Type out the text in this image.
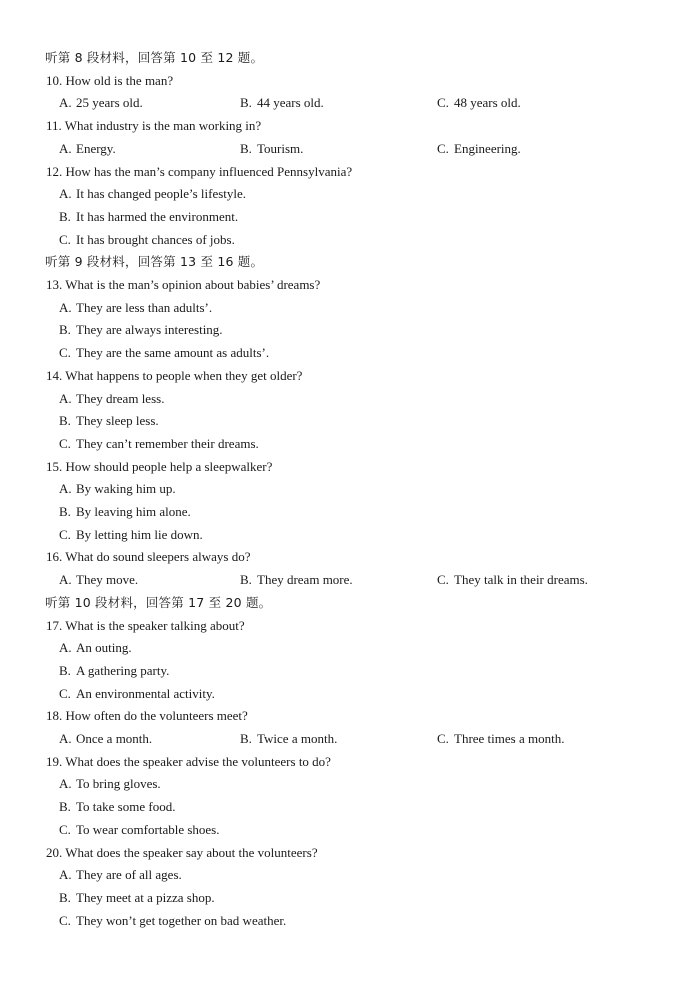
听第 8 段材料，回答第 10 至 12 题。
10. How old is the man?
A. 25 years old.	B. 44 years old.	C. 48 years old.
11. What industry is the man working in?
A. Energy.	B. Tourism.	C. Engineering.
12. How has the man’s company influenced Pennsylvania?
A. It has changed people’s lifestyle.
B. It has harmed the environment.
C. It has brought chances of jobs.
听第 9 段材料，回答第 13 至 16 题。
13. What is the man’s opinion about babies’ dreams?
A. They are less than adults’.
B. They are always interesting.
C. They are the same amount as adults’.
14. What happens to people when they get older?
A. They dream less.
B. They sleep less.
C. They can’t remember their dreams.
15. How should people help a sleepwalker?
A. By waking him up.
B. By leaving him alone.
C. By letting him lie down.
16. What do sound sleepers always do?
A. They move.	B. They dream more.	C. They talk in their dreams.
听第 10 段材料，回答第 17 至 20 题。
17. What is the speaker talking about?
A. An outing.
B. A gathering party.
C. An environmental activity.
18. How often do the volunteers meet?
A. Once a month.	B. Twice a month.	C. Three times a month.
19. What does the speaker advise the volunteers to do?
A. To bring gloves.
B. To take some food.
C. To wear comfortable shoes.
20. What does the speaker say about the volunteers?
A. They are of all ages.
B. They meet at a pizza shop.
C. They won’t get together on bad weather.
